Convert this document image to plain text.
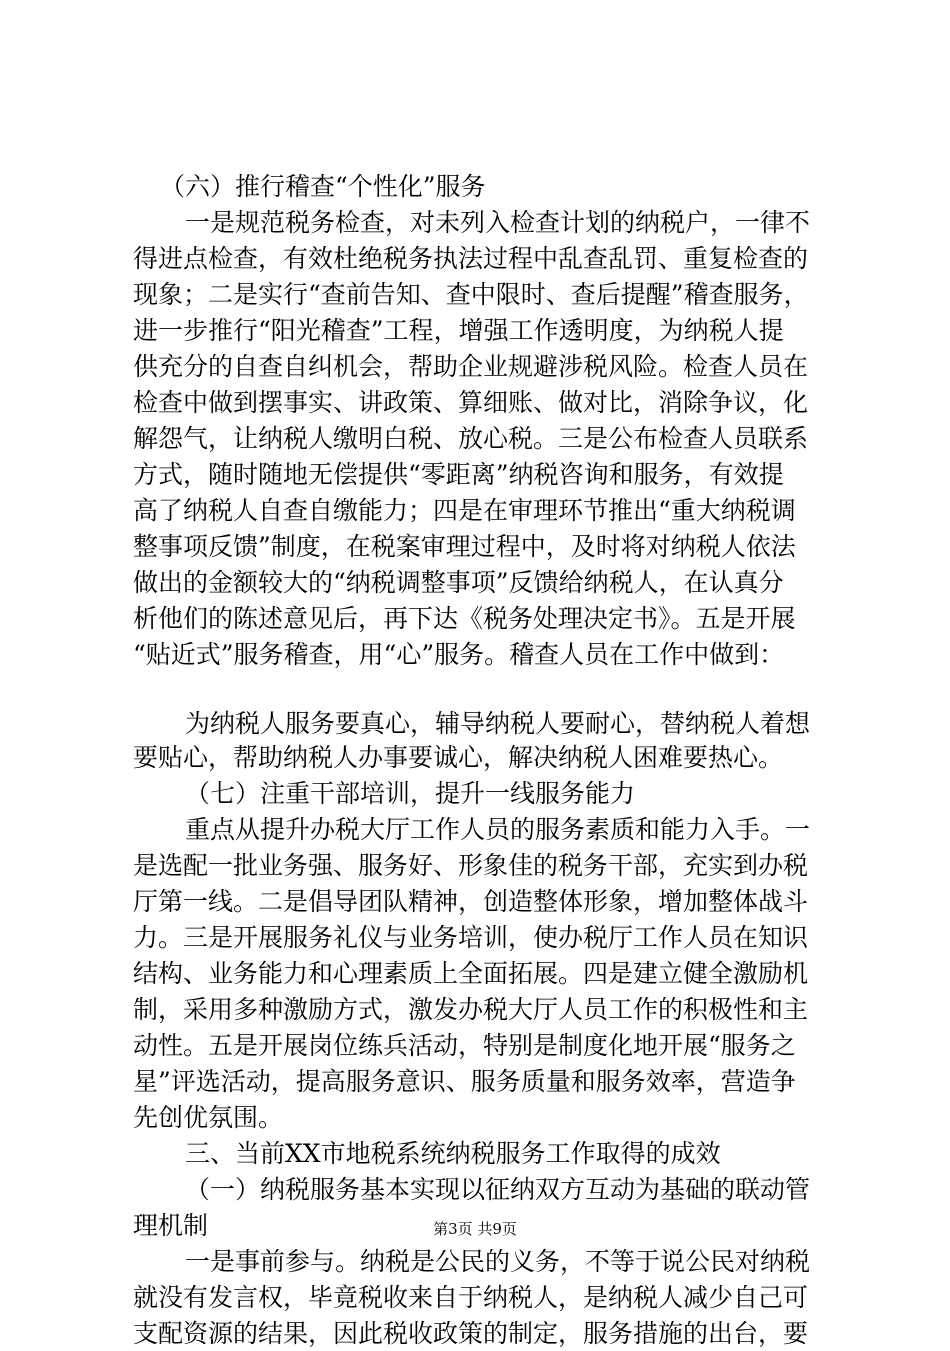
（六）推行稽查“个性化”服务
一是规范税务检查，对未列入检查计划的纳税户，一律不
得进点检查，有效杜绝税务执法过程中乱查乱罚、重复检查的
现象；二是实行“查前告知、查中限时、查后提醒”稽查服务，
进一步推行“阳光稽查”工程，增强工作透明度，为纳税人提
供充分的自查自纠机会，帮助企业规避涉税风险。检查人员在
检查中做到摆事实、讲政策、算细账、做对比，消除争议，化
解怨气，让纳税人缴明白税、放心税。三是公布检查人员联系
方式，随时随地无偿提供“零距离”纳税咨询和服务，有效提
高了纳税人自查自缴能力；四是在审理环节推出“重大纳税调
整事项反馈”制度，在税案审理过程中，及时将对纳税人依法
做出的金额较大的“纳税调整事项”反馈给纳税人，在认真分
析他们的陈述意见后，再下达《税务处理决定书》。五是开展
“贴近式”服务稽查，用“心”服务。稽查人员在工作中做到：
为纳税人服务要真心，辅导纳税人要耐心，替纳税人着想
要贴心，帮助纳税人办事要诚心，解决纳税人困难要热心。
（七）注重干部培训，提升一线服务能力
重点从提升办税大厅工作人员的服务素质和能力入手。一
是选配一批业务强、服务好、形象佳的税务干部，充实到办税
厅第一线。二是倡导团队精神，创造整体形象，增加整体战斗
力。三是开展服务礼仪与业务培训，使办税厅工作人员在知识
结构、业务能力和心理素质上全面拓展。四是建立健全激励机
制，采用多种激励方式，激发办税大厅人员工作的积极性和主
动性。五是开展岗位练兵活动，特别是制度化地开展“服务之
星”评选活动，提高服务意识、服务质量和服务效率，营造争
先创优氛围。
三、当前XX市地税系统纳税服务工作取得的成效
（一）纳税服务基本实现以征纳双方互动为基础的联动管
理机制
一是事前参与。纳税是公民的义务，不等于说公民对纳税
就没有发言权，毕竟税收来自于纳税人，是纳税人减少自己可
支配资源的结果，因此税收政策的制定，服务措施的出台，要
第3页 共9页
